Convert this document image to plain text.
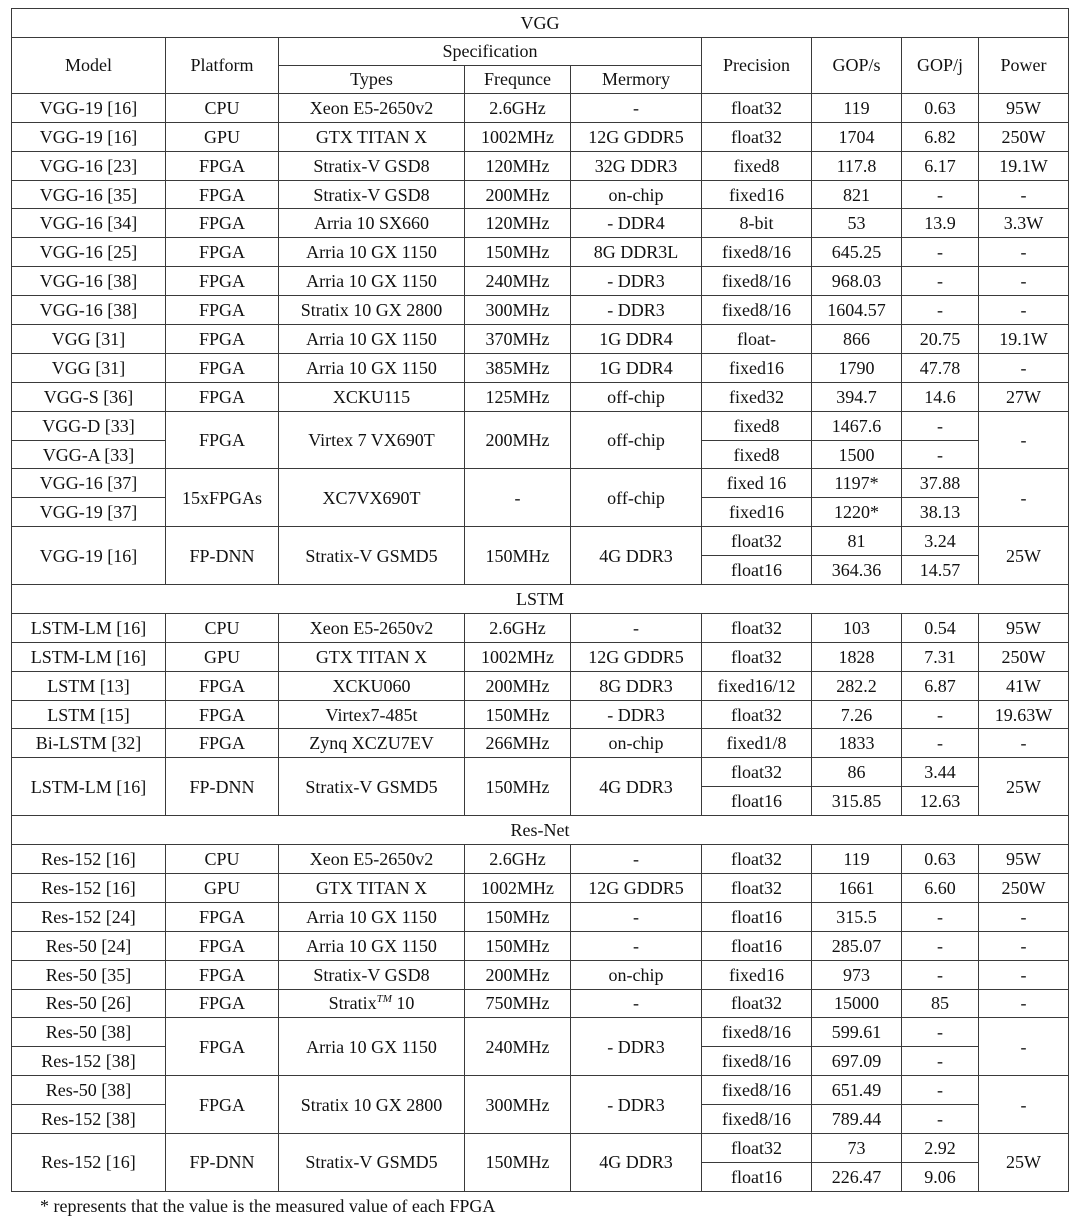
VGG								
Model	Platform	Specification			Precision	GOP/s	GOP/j	Power
		Types	Frequnce	Mermory				
VGG-19 [16]	CPU	Xeon E5-2650v2	2.6GHz	-	float32	119	0.63	95W
VGG-19 [16]	GPU	GTX TITAN X	1002MHz	12G GDDR5	float32	1704	6.82	250W
VGG-16 [23]	FPGA	Stratix-V GSD8	120MHz	32G DDR3	fixed8	117.8	6.17	19.1W
VGG-16 [35]	FPGA	Stratix-V GSD8	200MHz	on-chip	fixed16	821	-	-
VGG-16 [34]	FPGA	Arria 10 SX660	120MHz	- DDR4	8-bit	53	13.9	3.3W
VGG-16 [25]	FPGA	Arria 10 GX 1150	150MHz	8G DDR3L	fixed8/16	645.25	-	-
VGG-16 [38]	FPGA	Arria 10 GX 1150	240MHz	- DDR3	fixed8/16	968.03	-	-
VGG-16 [38]	FPGA	Stratix 10 GX 2800	300MHz	- DDR3	fixed8/16	1604.57	-	-
VGG [31]	FPGA	Arria 10 GX 1150	370MHz	1G DDR4	float-	866	20.75	19.1W
VGG [31]	FPGA	Arria 10 GX 1150	385MHz	1G DDR4	fixed16	1790	47.78	-
VGG-S [36]	FPGA	XCKU115	125MHz	off-chip	fixed32	394.7	14.6	27W
VGG-D [33]	FPGA	Virtex 7 VX690T	200MHz	off-chip	fixed8	1467.6	-	-
VGG-A [33]					fixed8	1500	-	
VGG-16 [37]	15xFPGAs	XC7VX690T	-	off-chip	fixed 16	1197*	37.88	-
VGG-19 [37]					fixed16	1220*	38.13	
VGG-19 [16]	FP-DNN	Stratix-V GSMD5	150MHz	4G DDR3	float32	81	3.24	25W
					float16	364.36	14.57	
LSTM								
LSTM-LM [16]	CPU	Xeon E5-2650v2	2.6GHz	-	float32	103	0.54	95W
LSTM-LM [16]	GPU	GTX TITAN X	1002MHz	12G GDDR5	float32	1828	7.31	250W
LSTM [13]	FPGA	XCKU060	200MHz	8G DDR3	fixed16/12	282.2	6.87	41W
LSTM [15]	FPGA	Virtex7-485t	150MHz	- DDR3	float32	7.26	-	19.63W
Bi-LSTM [32]	FPGA	Zynq XCZU7EV	266MHz	on-chip	fixed1/8	1833	-	-
LSTM-LM [16]	FP-DNN	Stratix-V GSMD5	150MHz	4G DDR3	float32	86	3.44	25W
					float16	315.85	12.63	
Res-Net								
Res-152 [16]	CPU	Xeon E5-2650v2	2.6GHz	-	float32	119	0.63	95W
Res-152 [16]	GPU	GTX TITAN X	1002MHz	12G GDDR5	float32	1661	6.60	250W
Res-152 [24]	FPGA	Arria 10 GX 1150	150MHz	-	float16	315.5	-	-
Res-50 [24]	FPGA	Arria 10 GX 1150	150MHz	-	float16	285.07	-	-
Res-50 [35]	FPGA	Stratix-V GSD8	200MHz	on-chip	fixed16	973	-	-
Res-50 [26]	FPGA	Stratix™ 10	750MHz	-	float32	15000	85	-
Res-50 [38]	FPGA	Arria 10 GX 1150	240MHz	- DDR3	fixed8/16	599.61	-	-
Res-152 [38]					fixed8/16	697.09	-	
Res-50 [38]	FPGA	Stratix 10 GX 2800	300MHz	- DDR3	fixed8/16	651.49	-	-
Res-152 [38]					fixed8/16	789.44	-	
Res-152 [16]	FP-DNN	Stratix-V GSMD5	150MHz	4G DDR3	float32	73	2.92	25W
					float16	226.47	9.06	
* represents that the value is the measured value of each FPGA
